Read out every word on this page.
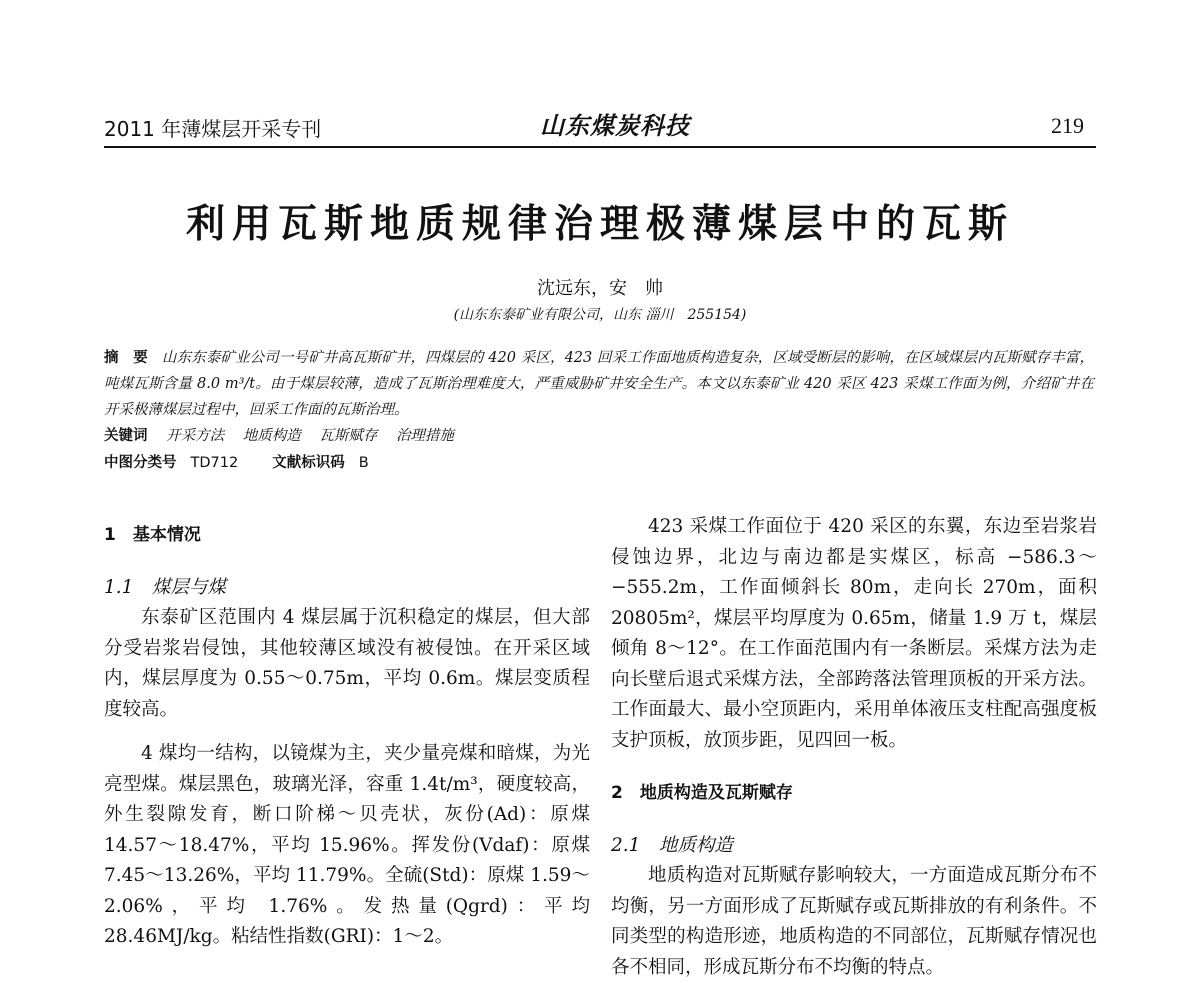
2011 年薄煤层开采专刊	山东煤炭科技	219
利用瓦斯地质规律治理极薄煤层中的瓦斯
沈远东，安　帅
(山东东泰矿业有限公司，山东 淄川　255154)
摘　要 山东东泰矿业公司一号矿井高瓦斯矿井，四煤层的 420 采区，423 回采工作面地质构造复杂，区域受断层的影响，在区域煤层内瓦斯赋存丰富，吨煤瓦斯含量 8.0 m³/t。由于煤层较薄，造成了瓦斯治理难度大，严重威胁矿井安全生产。本文以东泰矿业 420 采区 423 采煤工作面为例，介绍矿井在开采极薄煤层过程中，回采工作面的瓦斯治理。
关键词 开采方法 地质构造 瓦斯赋存 治理措施
中图分类号 TD712 文献标识码 B
1　基本情况
1.1　煤层与煤

东泰矿区范围内 4 煤层属于沉积稳定的煤层，但大部分受岩浆岩侵蚀，其他较薄区域没有被侵蚀。在开采区域内，煤层厚度为 0.55～0.75m，平均 0.6m。煤层变质程度较高。

4 煤均一结构，以镜煤为主，夹少量亮煤和暗煤，为光亮型煤。煤层黑色，玻璃光泽，容重 1.4t/m³，硬度较高，外生裂隙发育，断口阶梯～贝壳状，灰份(Ad)：原煤 14.57～18.47%，平均 15.96%。挥发份(Vdaf)：原煤 7.45～13.26%，平均 11.79%。全硫(Std)：原煤 1.59～2.06%，平均 1.76%。发热量(Qgrd)：平均 28.46MJ/kg。粘结性指数(GRI)：1～2。

423 采煤工作面位于 420 采区的东翼，东边至岩浆岩侵蚀边界，北边与南边都是实煤区，标高 −586.3～−555.2m，工作面倾斜长 80m，走向长 270m，面积 20805m²，煤层平均厚度为 0.65m，储量 1.9 万 t，煤层倾角 8～12°。在工作面范围内有一条断层。采煤方法为走向长壁后退式采煤方法，全部跨落法管理顶板的开采方法。工作面最大、最小空顶距内，采用单体液压支柱配高强度板支护顶板，放顶步距，见四回一板。

2　地质构造及瓦斯赋存
2.1　地质构造

地质构造对瓦斯赋存影响较大，一方面造成瓦斯分布不均衡，另一方面形成了瓦斯赋存或瓦斯排放的有利条件。不同类型的构造形迹，地质构造的不同部位，瓦斯赋存情况也各不相同，形成瓦斯分布不均衡的特点。
